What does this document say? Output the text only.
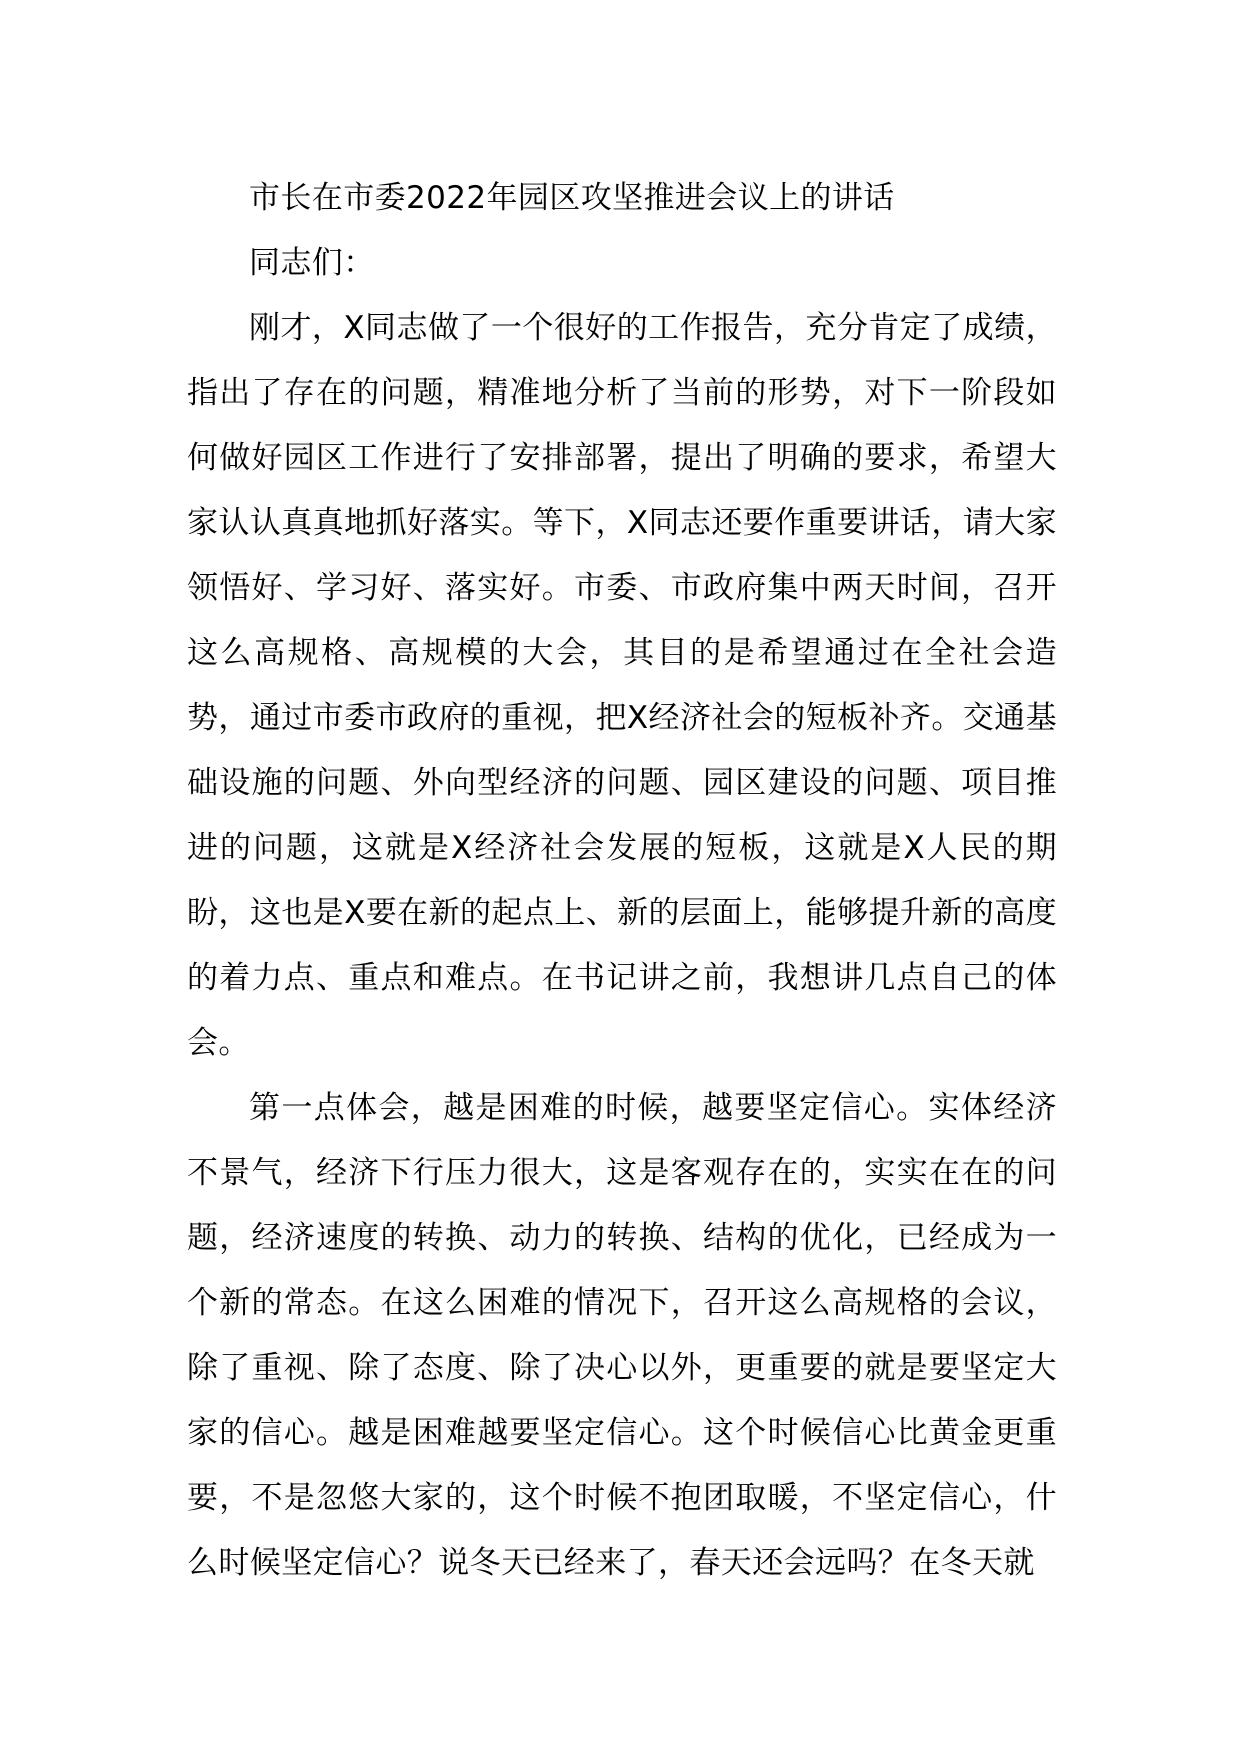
市长在市委2022年园区攻坚推进会议上的讲话

同志们：

刚才，X同志做了一个很好的工作报告，充分肯定了成绩，指出了存在的问题，精准地分析了当前的形势，对下一阶段如何做好园区工作进行了安排部署，提出了明确的要求，希望大家认认真真地抓好落实。等下，X同志还要作重要讲话，请大家领悟好、学习好、落实好。市委、市政府集中两天时间，召开这么高规格、高规模的大会，其目的是希望通过在全社会造势，通过市委市政府的重视，把X经济社会的短板补齐。交通基础设施的问题、外向型经济的问题、园区建设的问题、项目推进的问题，这就是X经济社会发展的短板，这就是X人民的期盼，这也是X要在新的起点上、新的层面上，能够提升新的高度的着力点、重点和难点。在书记讲之前，我想讲几点自己的体会。

第一点体会，越是困难的时候，越要坚定信心。实体经济不景气，经济下行压力很大，这是客观存在的，实实在在的问题，经济速度的转换、动力的转换、结构的优化，已经成为一个新的常态。在这么困难的情况下，召开这么高规格的会议，除了重视、除了态度、除了决心以外，更重要的就是要坚定大家的信心。越是困难越要坚定信心。这个时候信心比黄金更重要，不是忽悠大家的，这个时候不抱团取暖，不坚定信心，什么时候坚定信心？说冬天已经来了，春天还会远吗？在冬天就
